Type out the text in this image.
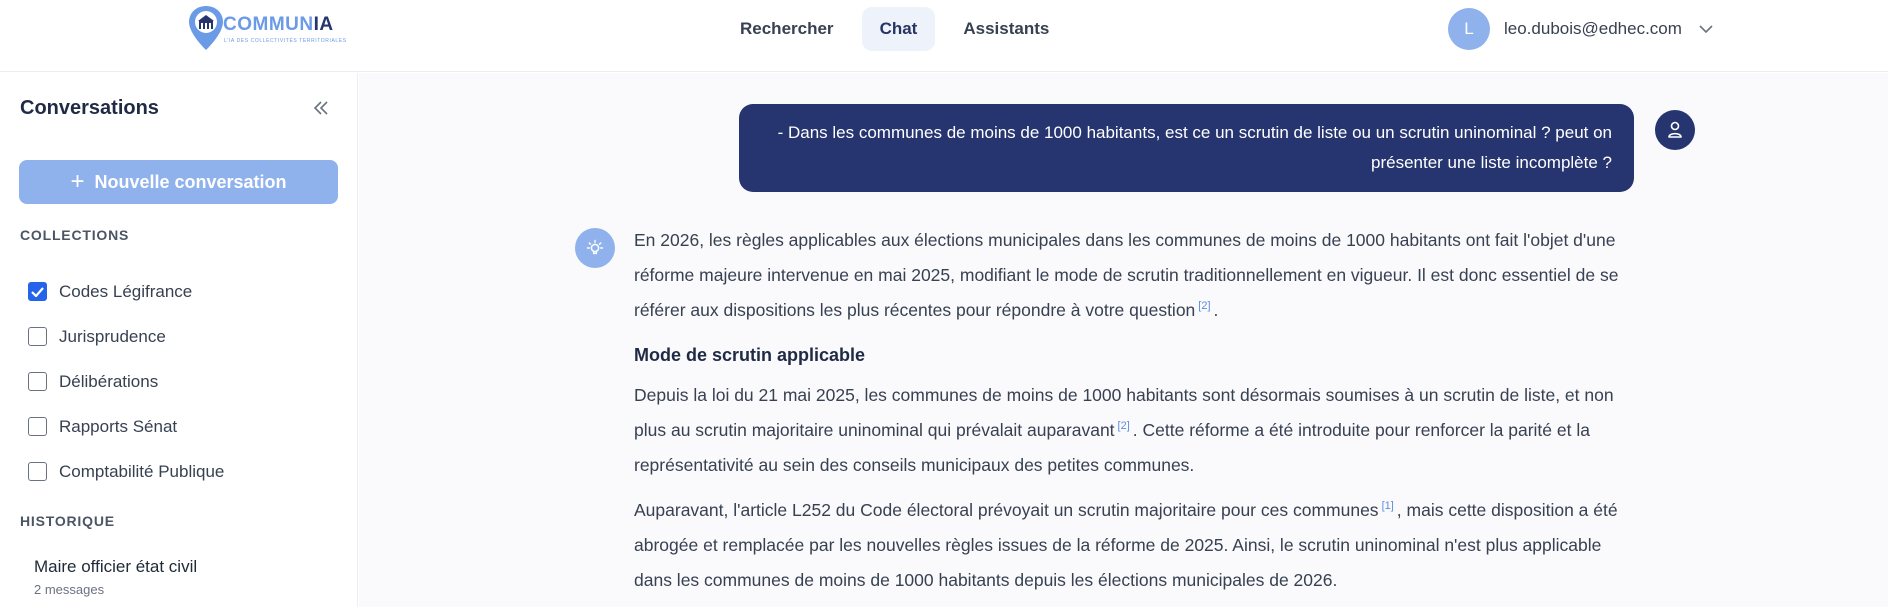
COMMUNIA
L'IA DES COLLECTIVITÉS TERRITORIALES
Rechercher	Chat	Assistants	L	leo.dubois@edhec.com
Conversations
+ Nouvelle conversation
COLLECTIONS
Codes Légifrance
Jurisprudence
Délibérations
Rapports Sénat
Comptabilité Publique
HISTORIQUE
Maire officier état civil
2 messages
- Dans les communes de moins de 1000 habitants, est ce un scrutin de liste ou un scrutin uninominal ? peut on
présenter une liste incomplète ?

En 2026, les règles applicables aux élections municipales dans les communes de moins de 1000 habitants ont fait l'objet d'une réforme majeure intervenue en mai 2025, modifiant le mode de scrutin traditionnellement en vigueur. Il est donc essentiel de se référer aux dispositions les plus récentes pour répondre à votre question [2] .

Mode de scrutin applicable

Depuis la loi du 21 mai 2025, les communes de moins de 1000 habitants sont désormais soumises à un scrutin de liste, et non plus au scrutin majoritaire uninominal qui prévalait auparavant [2] . Cette réforme a été introduite pour renforcer la parité et la représentativité au sein des conseils municipaux des petites communes.

Auparavant, l'article L252 du Code électoral prévoyait un scrutin majoritaire pour ces communes [1] , mais cette disposition a été abrogée et remplacée par les nouvelles règles issues de la réforme de 2025. Ainsi, le scrutin uninominal n'est plus applicable dans les communes de moins de 1000 habitants depuis les élections municipales de 2026.
